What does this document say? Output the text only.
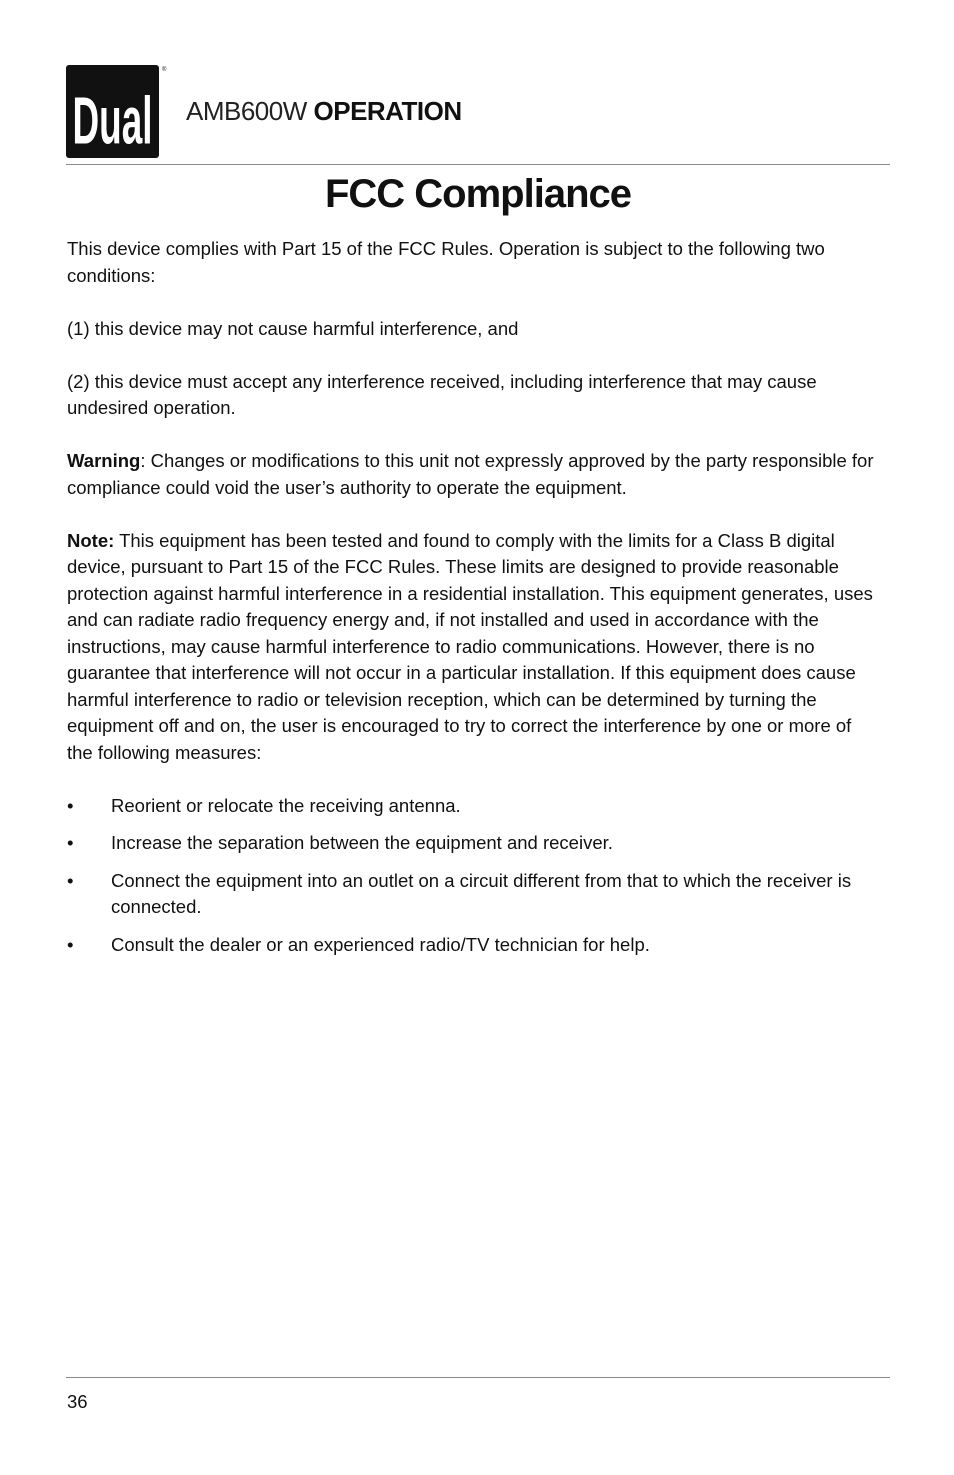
Dual
®
AMB600W OPERATION
FCC Compliance

This device complies with Part 15 of the FCC Rules. Operation is subject to the following two conditions:

(1) this device may not cause harmful interference, and

(2) this device must accept any interference received, including interference that may cause undesired operation.

Warning: Changes or modifications to this unit not expressly approved by the party responsible for compliance could void the user’s authority to operate the equipment.

Note: This equipment has been tested and found to comply with the limits for a Class B digital device, pursuant to Part 15 of the FCC Rules. These limits are designed to provide reasonable protection against harmful interference in a residential installation. This equipment generates, uses and can radiate radio frequency energy and, if not installed and used in accordance with the instructions, may cause harmful interference to radio communications. However, there is no guarantee that interference will not occur in a particular installation. If this equipment does cause harmful interference to radio or television reception, which can be determined by turning the equipment off and on, the user is encouraged to try to correct the interference by one or more of the following measures:

• Reorient or relocate the receiving antenna.
• Increase the separation between the equipment and receiver.
• Connect the equipment into an outlet on a circuit different from that to which the receiver is connected.
• Consult the dealer or an experienced radio/TV technician for help.
36
